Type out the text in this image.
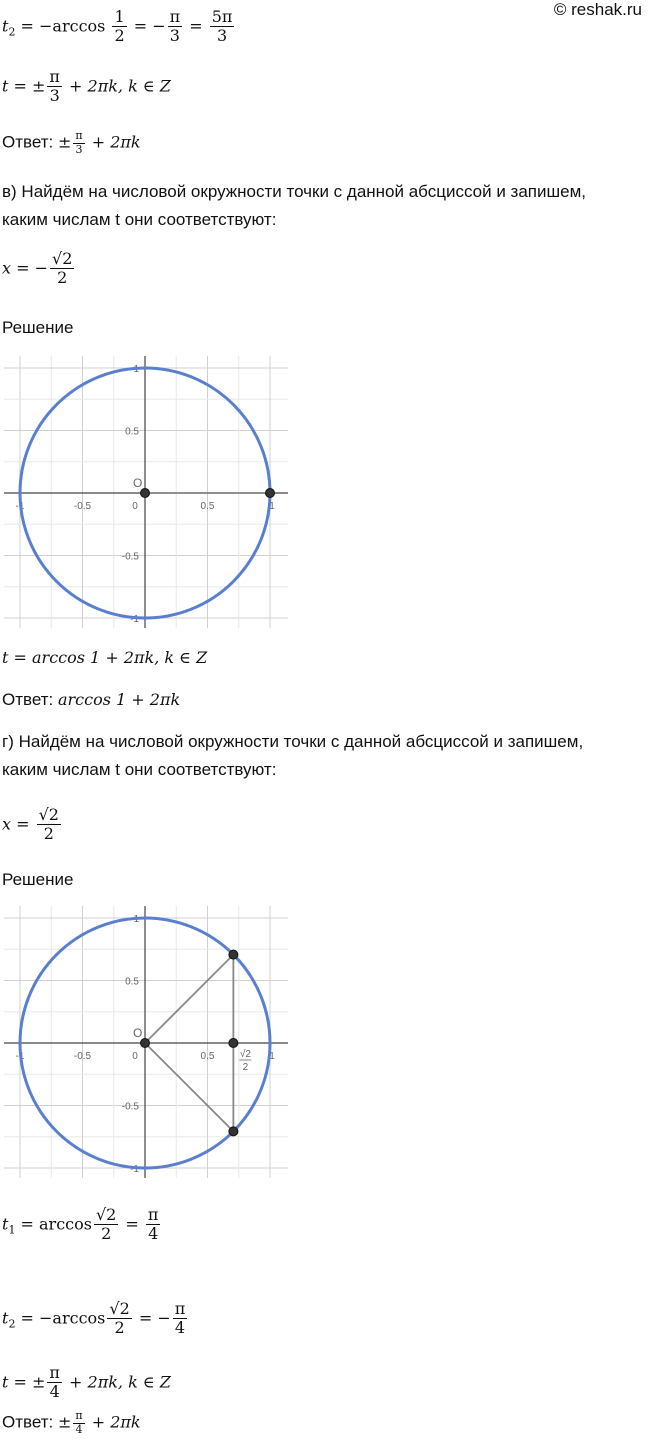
© reshak.ru
$t_2 = -\arccos \frac{1}{2}$ = − $\frac{\pi}{3} = \frac{5\pi}{3}$
t = ± $\frac{\pi}{3} + 2\pi k$, k ∈ Z
Ответ: ± $\frac{\pi}{3} + 2\pi k$
в) Найдём на числовой окружности точки с данной абсциссой и запишем,
каким числам t они соответствуют:
x = − $\frac{√2}{2}$
Решение
-1	-0.5	0	0.5	1
-1
-0.5
0.5
1
O
t = arccos 1 + 2πk, k ∈ Z
Ответ: arccos 1 + 2πk
г) Найдём на числовой окружности точки с данной абсциссой и запишем,
каким числам t они соответствуют:
$x = \frac{√2}{2}$
Решение
-1	-0.5	0	0.5	1
-1
-0.5
0.5
1
O
√2
2
$t_1 = \arccos \frac{√2}{2} = \frac{\pi}{4}$
$t_2 = -\arccos \frac{√2}{2}$ = − $\frac{\pi}{4}$
t = ± $\frac{\pi}{4} + 2\pi k$, k ∈ Z
Ответ: ± $\frac{\pi}{4} + 2\pi k$
